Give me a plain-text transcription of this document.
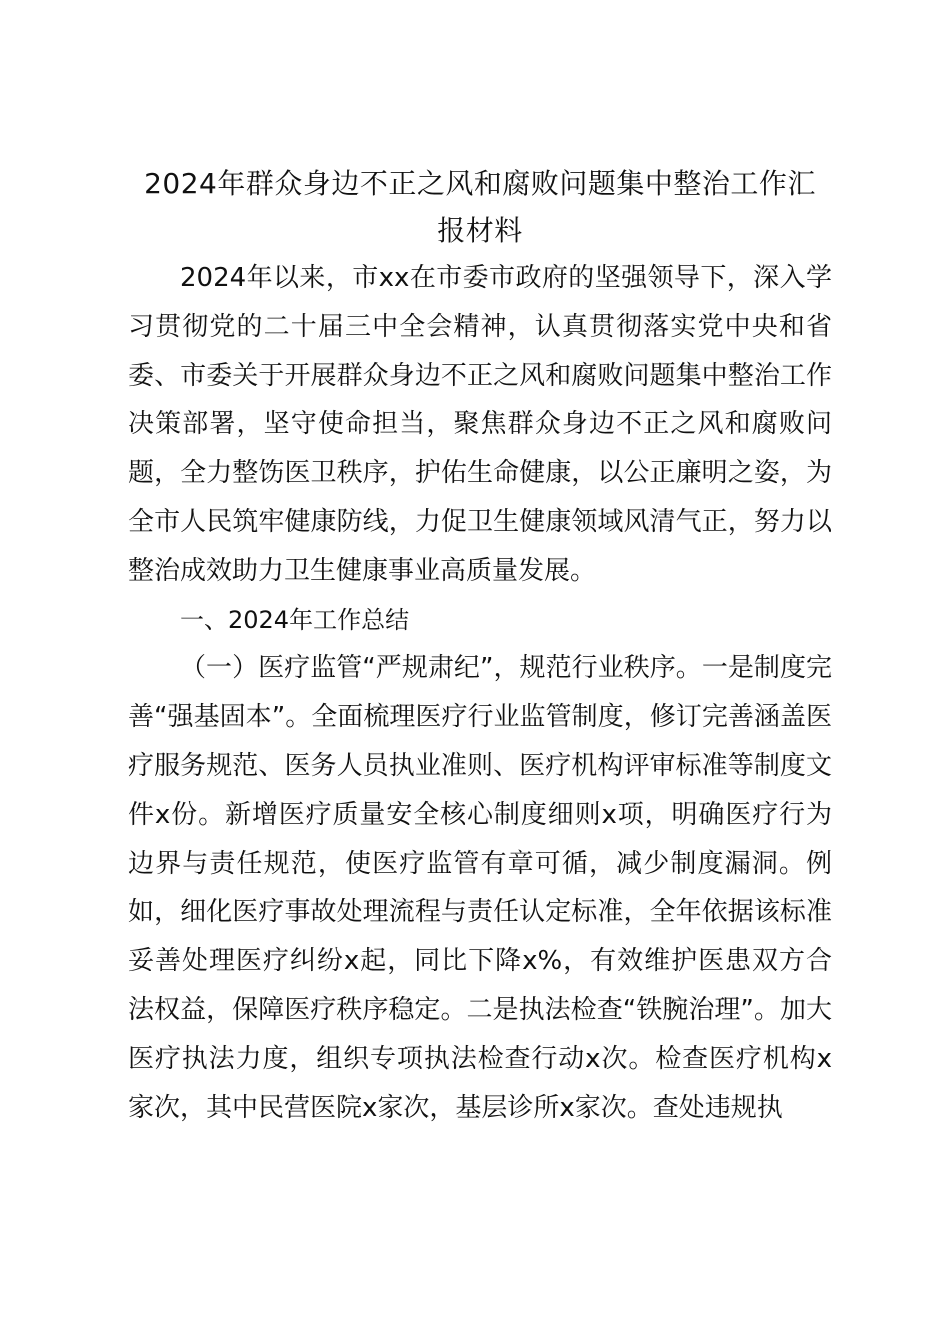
2024年群众身边不正之风和腐败问题集中整治工作汇
报材料

2024年以来，市xx在市委市政府的坚强领导下，深入学习贯彻党的二十届三中全会精神，认真贯彻落实党中央和省委、市委关于开展群众身边不正之风和腐败问题集中整治工作决策部署，坚守使命担当，聚焦群众身边不正之风和腐败问题，全力整饬医卫秩序，护佑生命健康，以公正廉明之姿，为全市人民筑牢健康防线，力促卫生健康领域风清气正，努力以整治成效助力卫生健康事业高质量发展。

一、2024年工作总结

（一）医疗监管“严规肃纪”，规范行业秩序。一是制度完善“强基固本”。全面梳理医疗行业监管制度，修订完善涵盖医疗服务规范、医务人员执业准则、医疗机构评审标准等制度文件x份。新增医疗质量安全核心制度细则x项，明确医疗行为边界与责任规范，使医疗监管有章可循，减少制度漏洞。例如，细化医疗事故处理流程与责任认定标准，全年依据该标准妥善处理医疗纠纷x起，同比下降x%，有效维护医患双方合法权益，保障医疗秩序稳定。二是执法检查“铁腕治理”。加大医疗执法力度，组织专项执法检查行动x次。检查医疗机构x家次，其中民营医院x家次，基层诊所x家次。查处违规执
